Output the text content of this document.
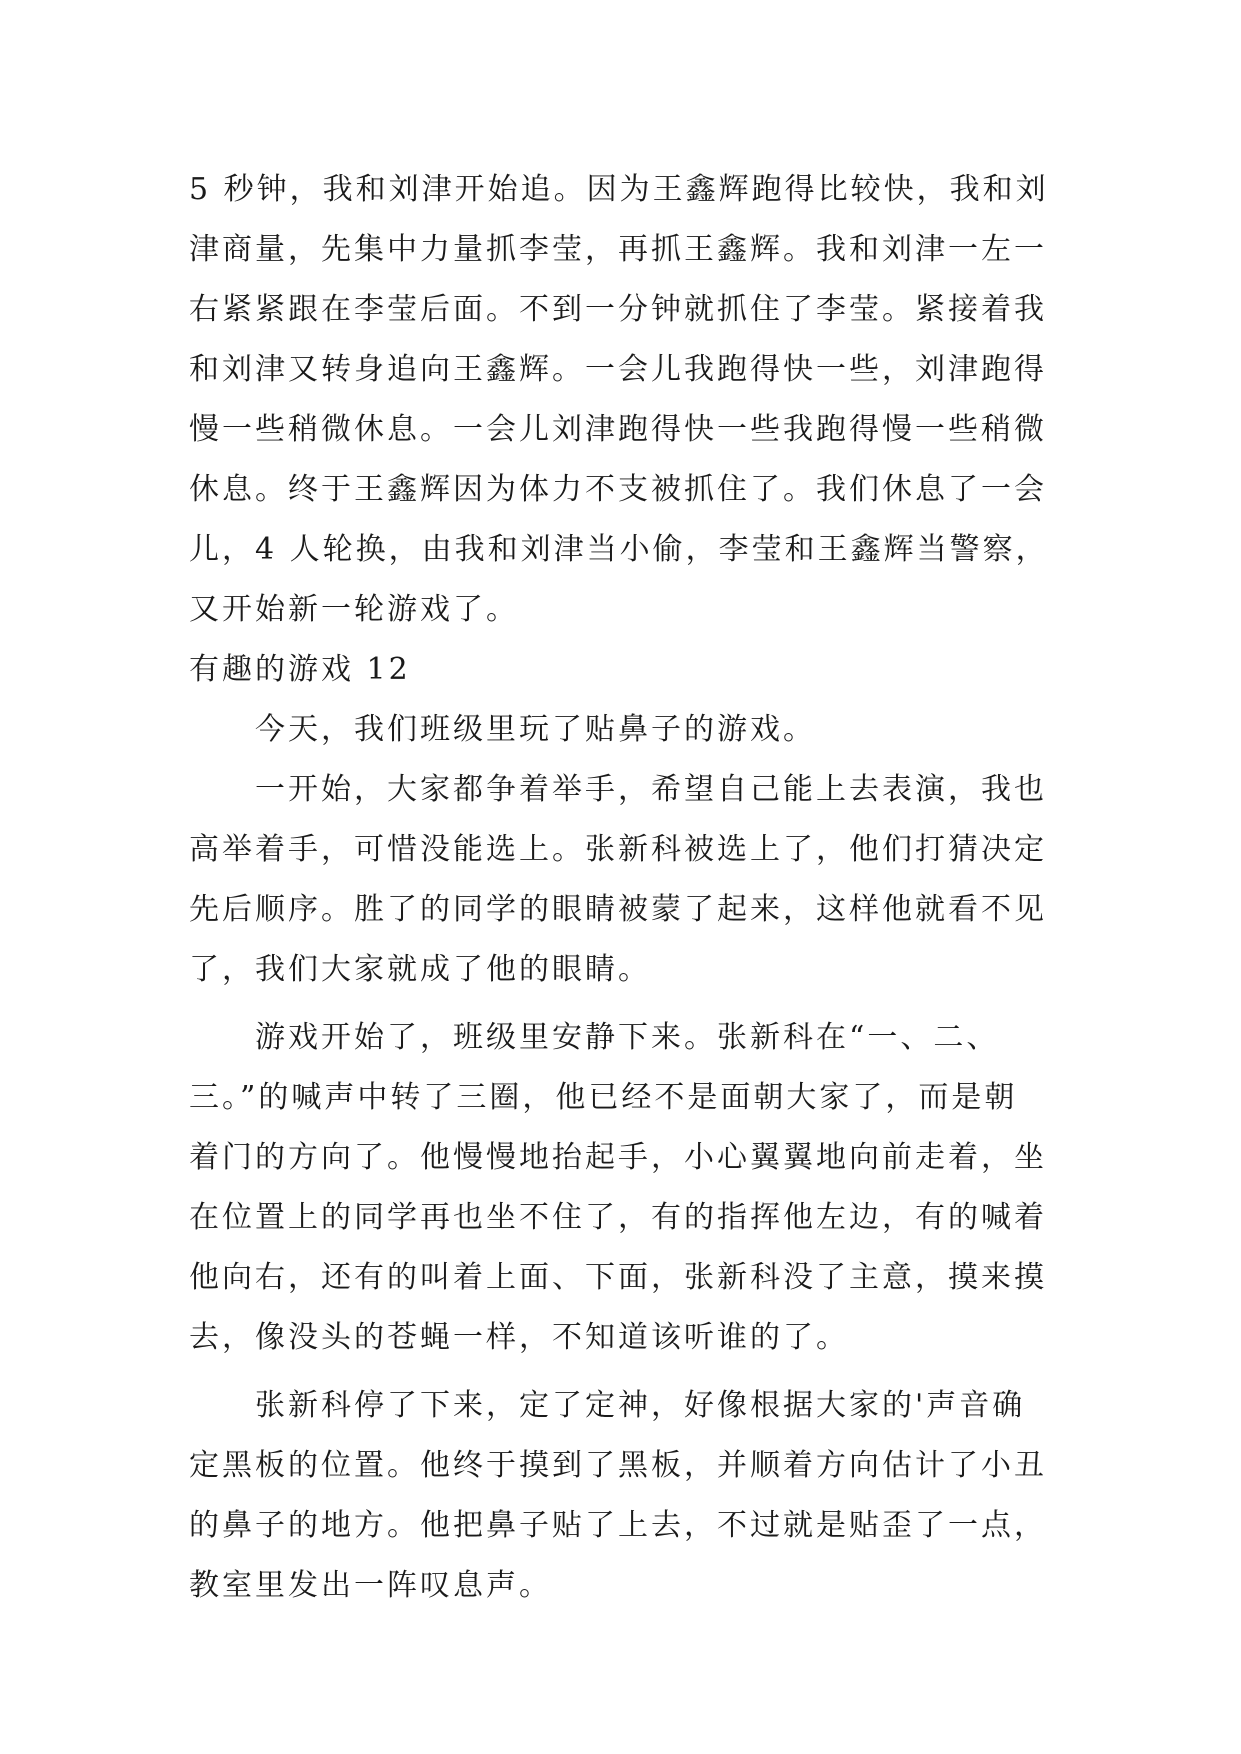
5 秒钟，我和刘津开始追。因为王鑫辉跑得比较快，我和刘
津商量，先集中力量抓李莹，再抓王鑫辉。我和刘津一左一
右紧紧跟在李莹后面。不到一分钟就抓住了李莹。紧接着我
和刘津又转身追向王鑫辉。一会儿我跑得快一些，刘津跑得
慢一些稍微休息。一会儿刘津跑得快一些我跑得慢一些稍微
休息。终于王鑫辉因为体力不支被抓住了。我们休息了一会
儿，4 人轮换，由我和刘津当小偷，李莹和王鑫辉当警察，
又开始新一轮游戏了。
有趣的游戏 12
今天，我们班级里玩了贴鼻子的游戏。
一开始，大家都争着举手，希望自己能上去表演，我也
高举着手，可惜没能选上。张新科被选上了，他们打猜决定
先后顺序。胜了的同学的眼睛被蒙了起来，这样他就看不见
了，我们大家就成了他的眼睛。
游戏开始了，班级里安静下来。张新科在“一、二、
三。”的喊声中转了三圈，他已经不是面朝大家了，而是朝
着门的方向了。他慢慢地抬起手，小心翼翼地向前走着，坐
在位置上的同学再也坐不住了，有的指挥他左边，有的喊着
他向右，还有的叫着上面、下面，张新科没了主意，摸来摸
去，像没头的苍蝇一样，不知道该听谁的了。
张新科停了下来，定了定神，好像根据大家的'声音确
定黑板的位置。他终于摸到了黑板，并顺着方向估计了小丑
的鼻子的地方。他把鼻子贴了上去，不过就是贴歪了一点，
教室里发出一阵叹息声。
